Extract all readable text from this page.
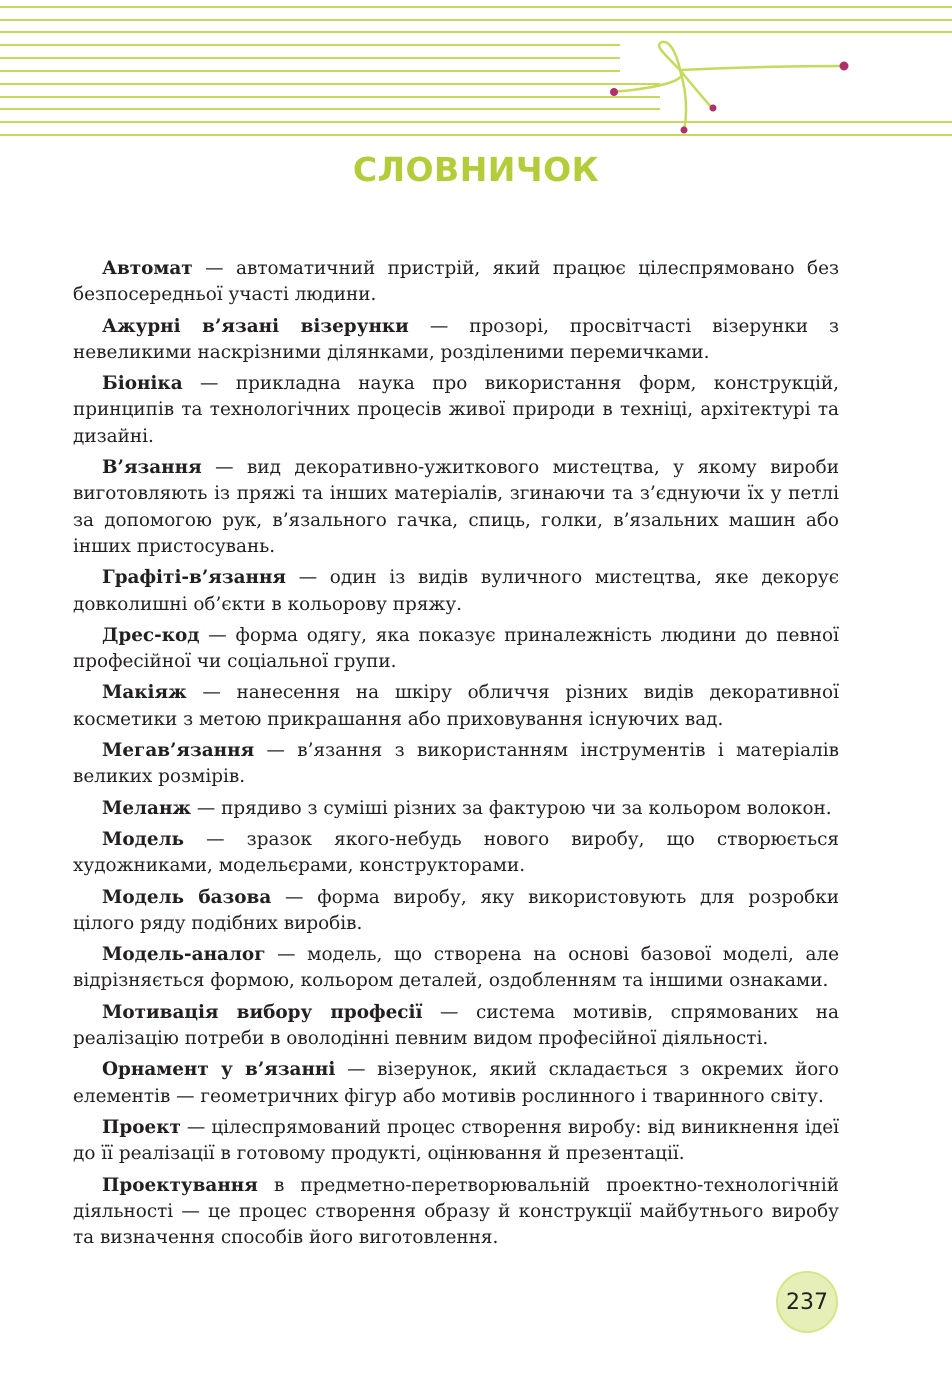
СЛОВНИЧОК

Автомат — автоматичний пристрій, який працює цілеспрямовано без безпосередньої участі людини.

Ажурні в’язані візерунки — прозорі, просвітчасті візерунки з невеликими наскрізними ділянками, розділеними перемичками.

Біоніка — прикладна наука про використання форм, конструкцій, принципів та технологічних процесів живої природи в техніці, архітектурі та дизайні.

В’язання — вид декоративно-ужиткового мистецтва, у якому вироби виготовляють із пряжі та інших матеріалів, згинаючи та з’єднуючи їх у петлі за допомогою рук, в’язального гачка, спиць, голки, в’язальних машин або інших пристосувань.

Графіті-в’язання — один із видів вуличного мистецтва, яке декорує довколишні об’єкти в кольорову пряжу.

Дрес-код — форма одягу, яка показує приналежність людини до певної професійної чи соціальної групи.

Макіяж — нанесення на шкіру обличчя різних видів декоративної косметики з метою прикрашання або приховування існуючих вад.

Мегав’язання — в’язання з використанням інструментів і матеріалів великих розмірів.

Меланж — прядиво з суміші різних за фактурою чи за кольором волокон.

Модель — зразок якого-небудь нового виробу, що створюється художниками, модельєрами, конструкторами.

Модель базова — форма виробу, яку використовують для розробки цілого ряду подібних виробів.

Модель-аналог — модель, що створена на основі базової моделі, але відрізняється формою, кольором деталей, оздобленням та іншими ознаками.

Мотивація вибору професії — система мотивів, спрямованих на реалізацію потреби в оволодінні певним видом професійної діяльності.

Орнамент у в’язанні — візерунок, який складається з окремих його елементів — геометричних фігур або мотивів рослинного і тваринного світу.

Проект — цілеспрямований процес створення виробу: від виникнення ідеї до її реалізації в готовому продукті, оцінювання й презентації.

Проектування в предметно-перетворювальній проектно-технологічній діяльності — це процес створення образу й конструкції майбутнього виробу та визначення способів його виготовлення.

237
